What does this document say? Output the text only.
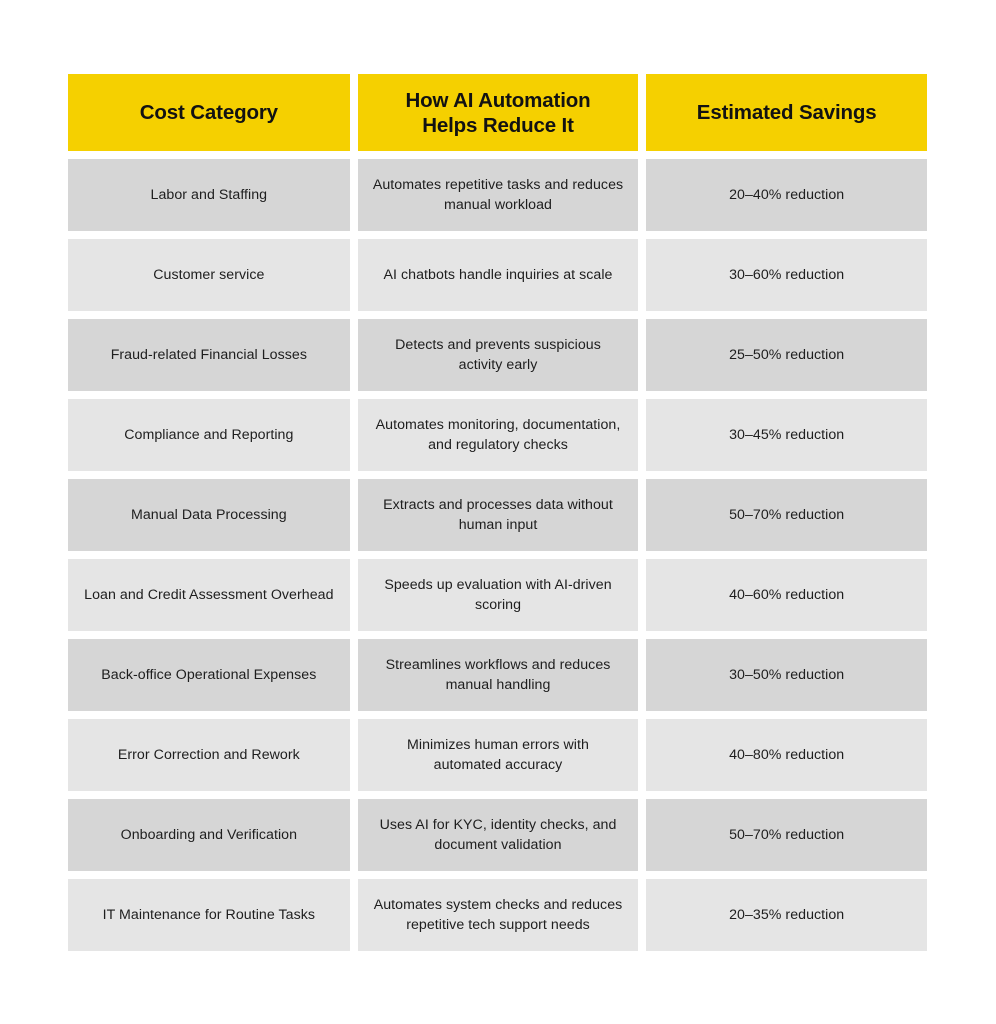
Cost Category
How AI Automation
Helps Reduce It
Estimated Savings
Labor and Staffing
Automates repetitive tasks and reduces manual workload
20–40% reduction
Customer service	AI chatbots handle inquiries at scale	30–60% reduction
Fraud-related Financial Losses
Detects and prevents suspicious activity early
25–50% reduction
Compliance and Reporting
Automates monitoring, documentation, and regulatory checks
30–45% reduction
Manual Data Processing
Extracts and processes data without human input
50–70% reduction
Loan and Credit Assessment Overhead
Speeds up evaluation with AI-driven scoring
40–60% reduction
Back-office Operational Expenses
Streamlines workflows and reduces manual handling
30–50% reduction
Error Correction and Rework
Minimizes human errors with automated accuracy
40–80% reduction
Onboarding and Verification
Uses AI for KYC, identity checks, and document validation
50–70% reduction
IT Maintenance for Routine Tasks
Automates system checks and reduces repetitive tech support needs
20–35% reduction
